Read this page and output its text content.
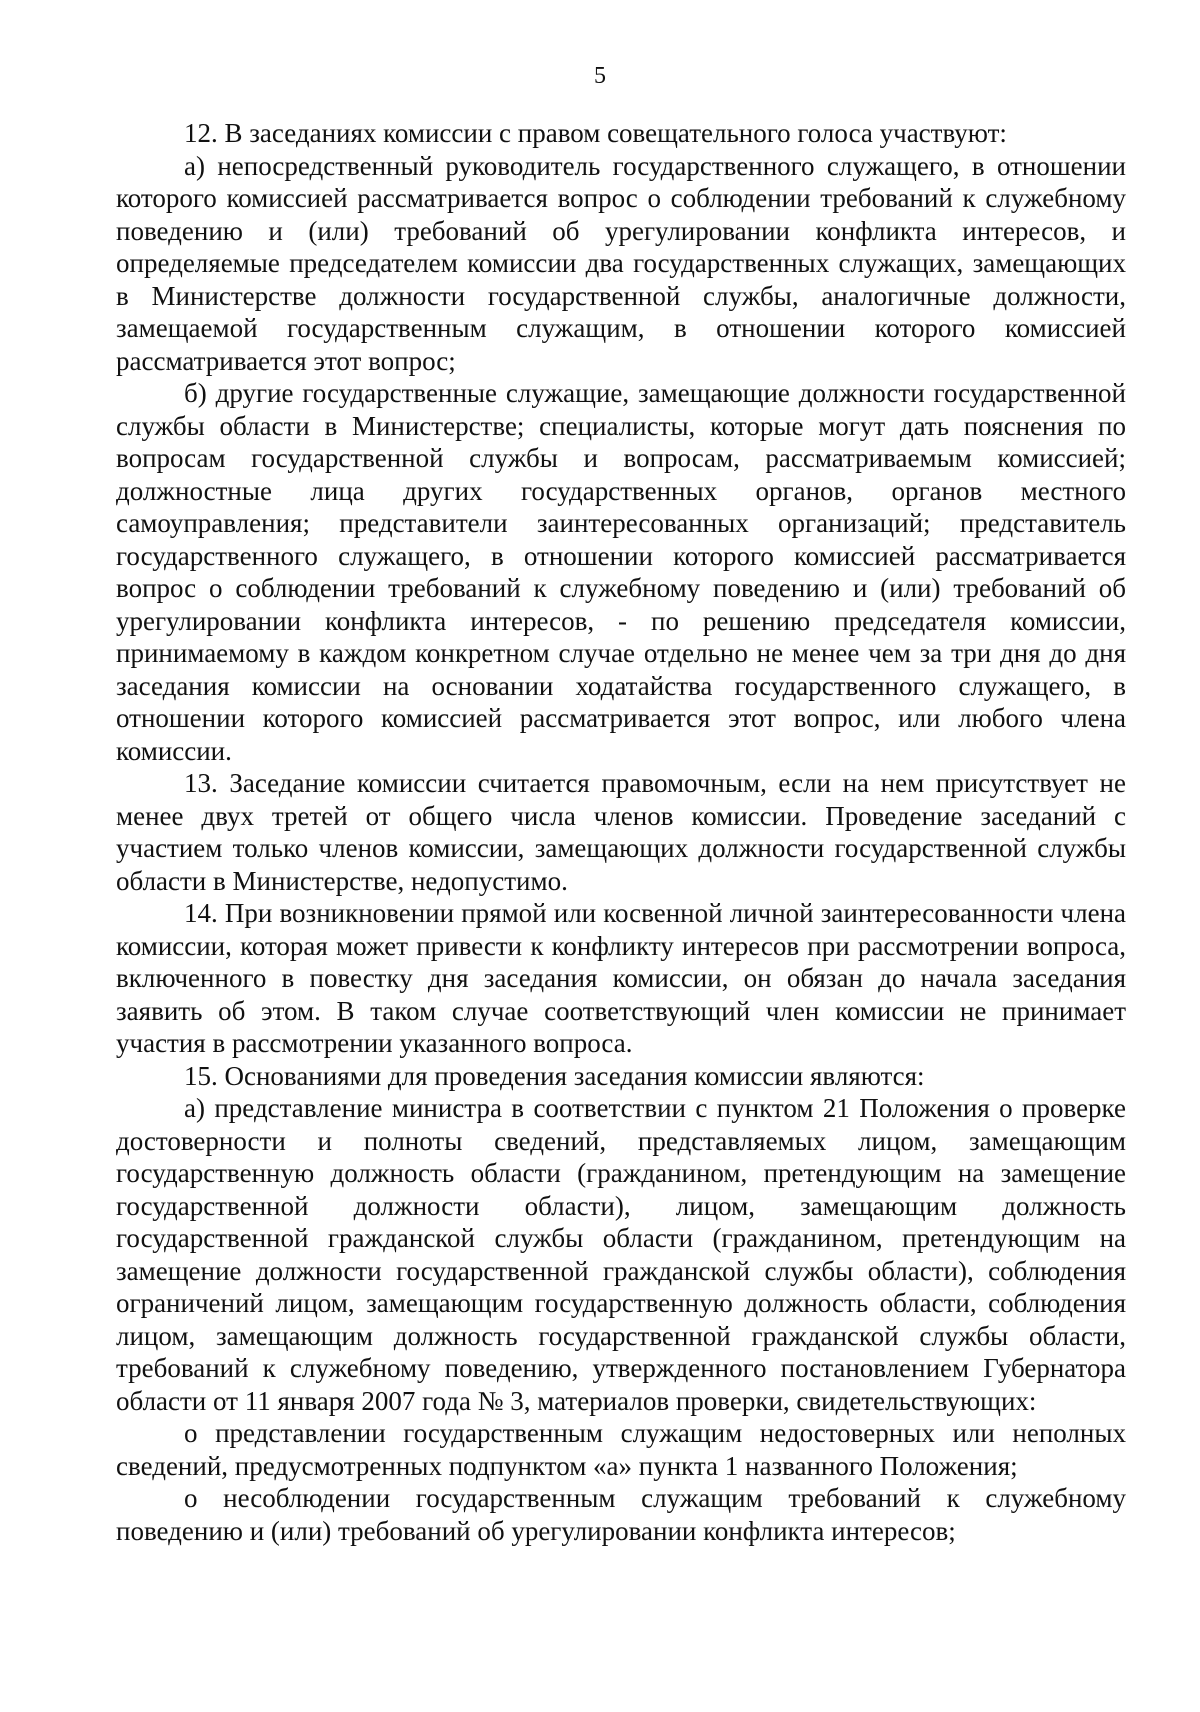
5

12. В заседаниях комиссии с правом совещательного голоса участвуют:

а) непосредственный руководитель государственного служащего, в отношении которого комиссией рассматривается вопрос о соблюдении требований к служебному поведению и (или) требований об урегулировании конфликта интересов, и определяемые председателем комиссии два государственных служащих, замещающих в Министерстве должности государственной службы, аналогичные должности, замещаемой государственным служащим, в отношении которого комиссией рассматривается этот вопрос;

б) другие государственные служащие, замещающие должности государственной службы области в Министерстве; специалисты, которые могут дать пояснения по вопросам государственной службы и вопросам, рассматриваемым комиссией; должностные лица других государственных органов, органов местного самоуправления; представители заинтересованных организаций; представитель государственного служащего, в отношении которого комиссией рассматривается вопрос о соблюдении требований к служебному поведению и (или) требований об урегулировании конфликта интересов, - по решению председателя комиссии, принимаемому в каждом конкретном случае отдельно не менее чем за три дня до дня заседания комиссии на основании ходатайства государственного служащего, в отношении которого комиссией рассматривается этот вопрос, или любого члена комиссии.

13. Заседание комиссии считается правомочным, если на нем присутствует не менее двух третей от общего числа членов комиссии. Проведение заседаний с участием только членов комиссии, замещающих должности государственной службы области в Министерстве, недопустимо.

14. При возникновении прямой или косвенной личной заинтересованности члена комиссии, которая может привести к конфликту интересов при рассмотрении вопроса, включенного в повестку дня заседания комиссии, он обязан до начала заседания заявить об этом. В таком случае соответствующий член комиссии не принимает участия в рассмотрении указанного вопроса.

15. Основаниями для проведения заседания комиссии являются:

а) представление министра в соответствии с пунктом 21 Положения о проверке достоверности и полноты сведений, представляемых лицом, замещающим государственную должность области (гражданином, претендующим на замещение государственной должности области), лицом, замещающим должность государственной гражданской службы области (гражданином, претендующим на замещение должности государственной гражданской службы области), соблюдения ограничений лицом, замещающим государственную должность области, соблюдения лицом, замещающим должность государственной гражданской службы области, требований к служебному поведению, утвержденного постановлением Губернатора области от 11 января 2007 года № 3, материалов проверки, свидетельствующих:

о представлении государственным служащим недостоверных или неполных сведений, предусмотренных подпунктом «а» пункта 1 названного Положения;

о несоблюдении государственным служащим требований к служебному поведению и (или) требований об урегулировании конфликта интересов;
